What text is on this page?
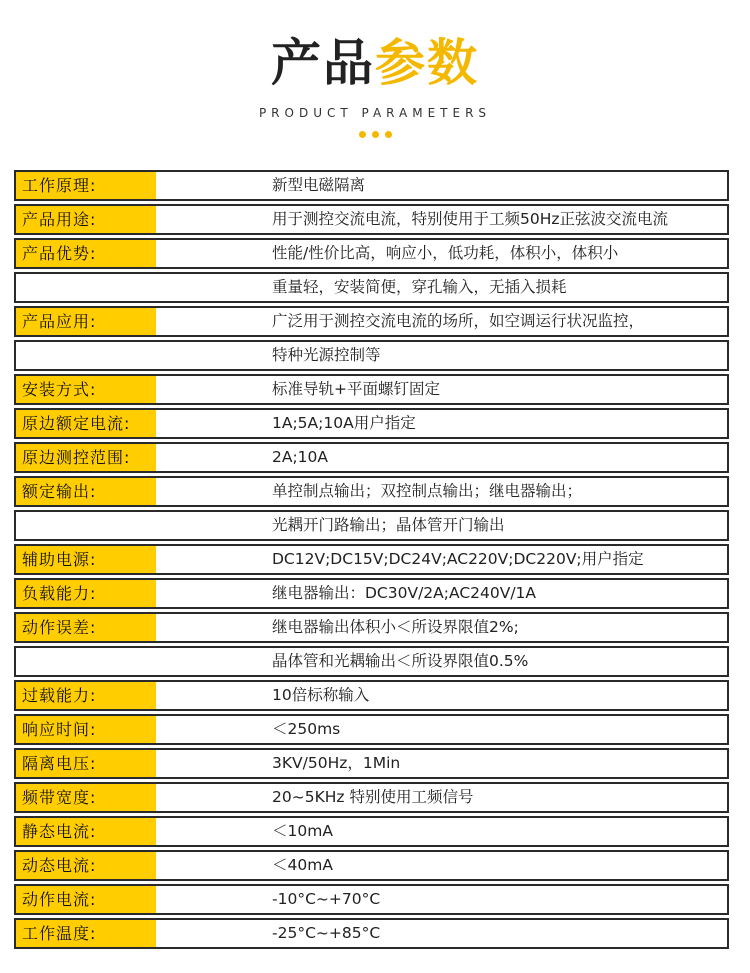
产品参数
PRODUCT PARAMETERS
工作原理:	新型电磁隔离
产品用途:	用于测控交流电流，特别使用于工频50Hz正弦波交流电流
产品优势:	性能/性价比高，响应小，低功耗，体积小，体积小
重量轻，安装简便，穿孔输入，无插入损耗
产品应用:	广泛用于测控交流电流的场所，如空调运行状况监控，
特种光源控制等
安装方式:	标准导轨+平面螺钉固定
原边额定电流:	1A;5A;10A用户指定
原边测控范围:	2A;10A
额定输出:	单控制点输出；双控制点输出；继电器输出；
光耦开门路输出；晶体管开门输出
辅助电源:	DC12V;DC15V;DC24V;AC220V;DC220V;用户指定
负载能力:	继电器输出：DC30V/2A;AC240V/1A
动作误差:	继电器输出体积小＜所设界限值2%;
晶体管和光耦输出＜所设界限值0.5%
过载能力:	10倍标称输入
响应时间:	＜250ms
隔离电压:	3KV/50Hz，1Min
频带宽度:	20~5KHz 特别使用工频信号
静态电流:	＜10mA
动态电流:	＜40mA
动作电流:	-10°C~+70°C
工作温度:	-25°C~+85°C
